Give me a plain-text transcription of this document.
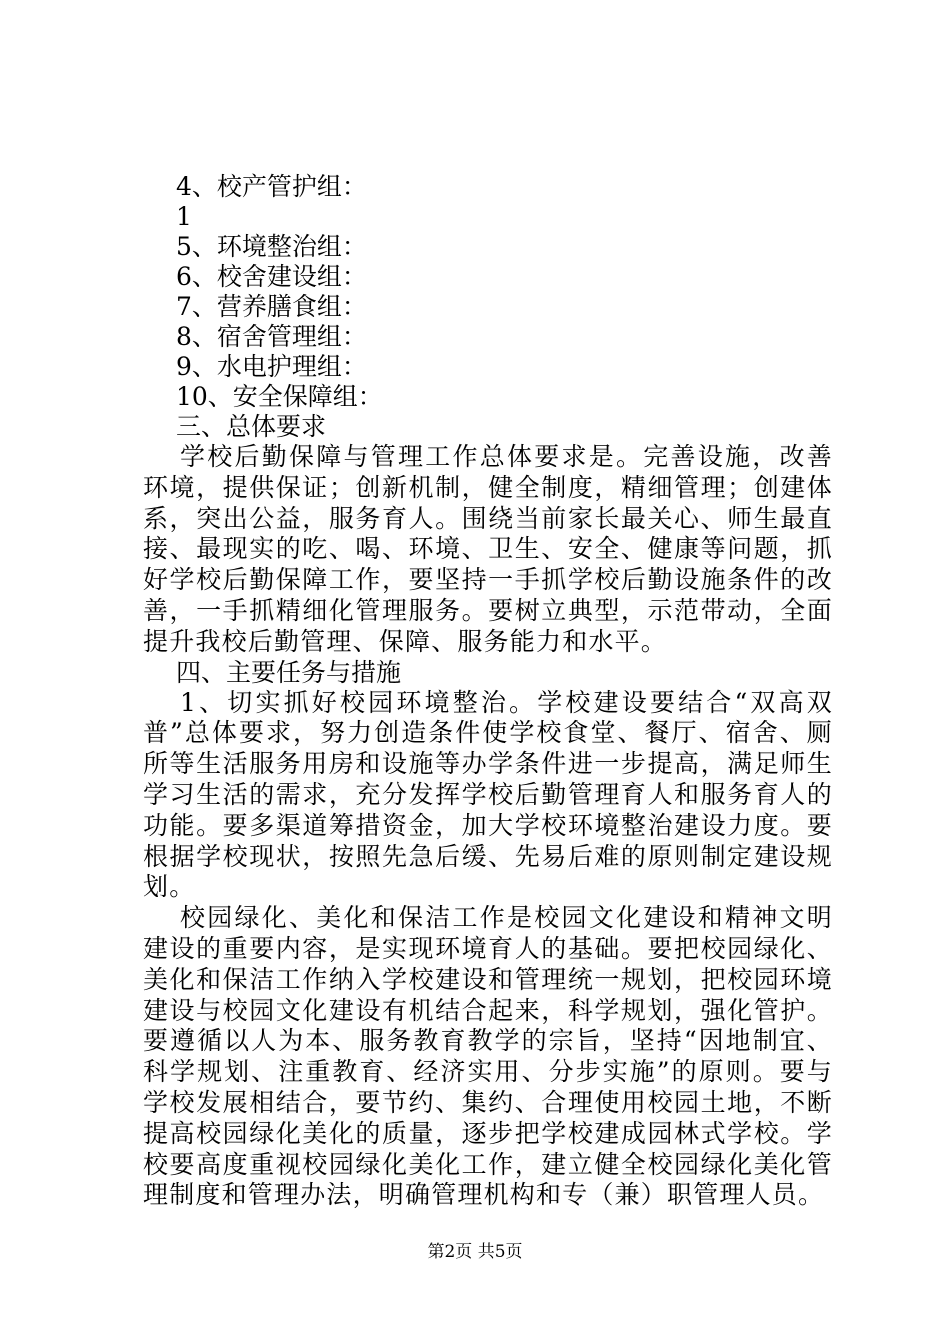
4、校产管护组：
1
5、环境整治组：
6、校舍建设组：
7、营养膳食组：
8、宿舍管理组：
9、水电护理组：
10、安全保障组：
三、总体要求

学校后勤保障与管理工作总体要求是。完善设施，改善环境，提供保证；创新机制，健全制度，精细管理；创建体系，突出公益，服务育人。围绕当前家长最关心、师生最直接、最现实的吃、喝、环境、卫生、安全、健康等问题，抓好学校后勤保障工作，要坚持一手抓学校后勤设施条件的改善，一手抓精细化管理服务。要树立典型，示范带动，全面提升我校后勤管理、保障、服务能力和水平。

四、主要任务与措施

1、切实抓好校园环境整治。学校建设要结合“双高双普”总体要求，努力创造条件使学校食堂、餐厅、宿舍、厕所等生活服务用房和设施等办学条件进一步提高，满足师生学习生活的需求，充分发挥学校后勤管理育人和服务育人的功能。要多渠道筹措资金，加大学校环境整治建设力度。要根据学校现状，按照先急后缓、先易后难的原则制定建设规划。

校园绿化、美化和保洁工作是校园文化建设和精神文明建设的重要内容，是实现环境育人的基础。要把校园绿化、美化和保洁工作纳入学校建设和管理统一规划，把校园环境建设与校园文化建设有机结合起来，科学规划，强化管护。要遵循以人为本、服务教育教学的宗旨，坚持“因地制宜、科学规划、注重教育、经济实用、分步实施”的原则。要与学校发展相结合，要节约、集约、合理使用校园土地，不断提高校园绿化美化的质量，逐步把学校建成园林式学校。学校要高度重视校园绿化美化工作，建立健全校园绿化美化管理制度和管理办法，明确管理机构和专（兼）职管理人员。

第2页 共5页
